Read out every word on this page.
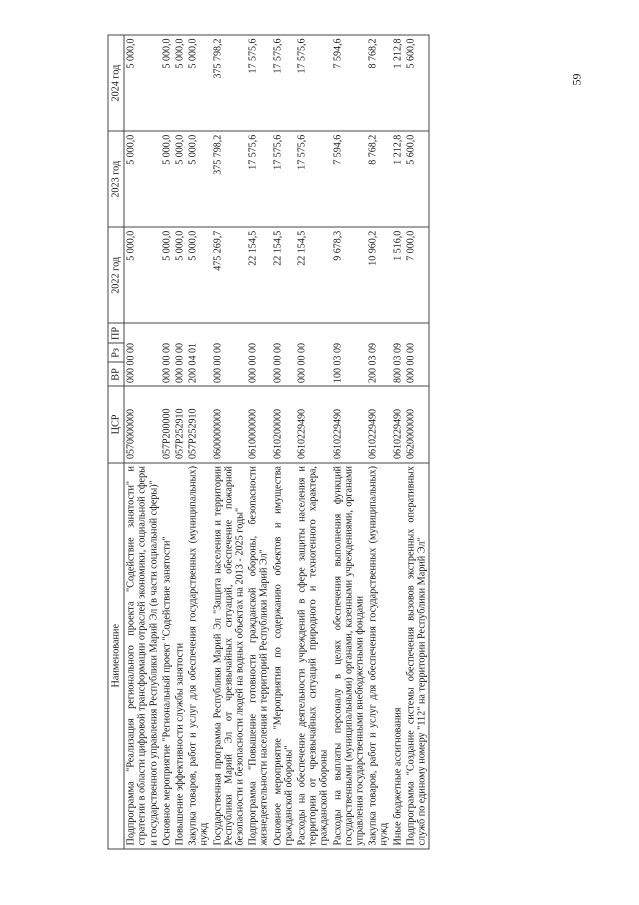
59
Наименование	ЦСР	ВР	Рз	ПР	2022 год	2023 год	2024 год
Подпрограмма "Реализация регионального проекта "Содействие занятости" и стратегии в области цифровой трансформации отраслей экономики, социальной сферы и государственного управления Республики Марий Эл (в части социальной сферы)"	0570000000	000 00 00			5 000,0	5 000,0	5 000,0
Основное мероприятие "Региональный проект "Содействие занятости"	057P200000	000 00 00			5 000,0	5 000,0	5 000,0
Повышение эффективности службы занятости	057P252910	000 00 00			5 000,0	5 000,0	5 000,0
Закупка товаров, работ и услуг для обеспечения государственных (муниципальных) нужд	057P252910	200 04 01			5 000,0	5 000,0	5 000,0
Государственная программа Республики Марий Эл "Защита населения и территории Республики Марий Эл от чрезвычайных ситуаций, обеспечение пожарной безопасности и безопасности людей на водных объектах на 2013 - 2025 годы"	0600000000	000 00 00			475 269,7	375 798,2	375 798,2
Подпрограмма "Повышение готовности гражданской обороны, безопасности жизнедеятельности населения и территорий Республики Марий Эл"	0610000000	000 00 00			22 154,5	17 575,6	17 575,6
Основное мероприятие "Мероприятия по содержанию объектов и имущества гражданской обороны"	0610200000	000 00 00			22 154,5	17 575,6	17 575,6
Расходы на обеспечение деятельности учреждений в сфере защиты населения и территории от чрезвычайных ситуаций природного и техногенного характера, гражданской обороны	0610229490	000 00 00			22 154,5	17 575,6	17 575,6
Расходы на выплаты персоналу в целях обеспечения выполнения функций государственными (муниципальными) органами, казенными учреждениями, органами управления государственными внебюджетными фондами	0610229490	100 03 09			9 678,3	7 594,6	7 594,6
Закупка товаров, работ и услуг для обеспечения государственных (муниципальных) нужд	0610229490	200 03 09			10 960,2	8 768,2	8 768,2
Иные бюджетные ассигнования	0610229490	800 03 09			1 516,0	1 212,8	1 212,8
Подпрограмма "Создание системы обеспечения вызовов экстренных оперативных служб по единому номеру "112" на территории Республики Марий Эл"	0620000000	000 00 00			7 000,0	5 600,0	5 600,0
